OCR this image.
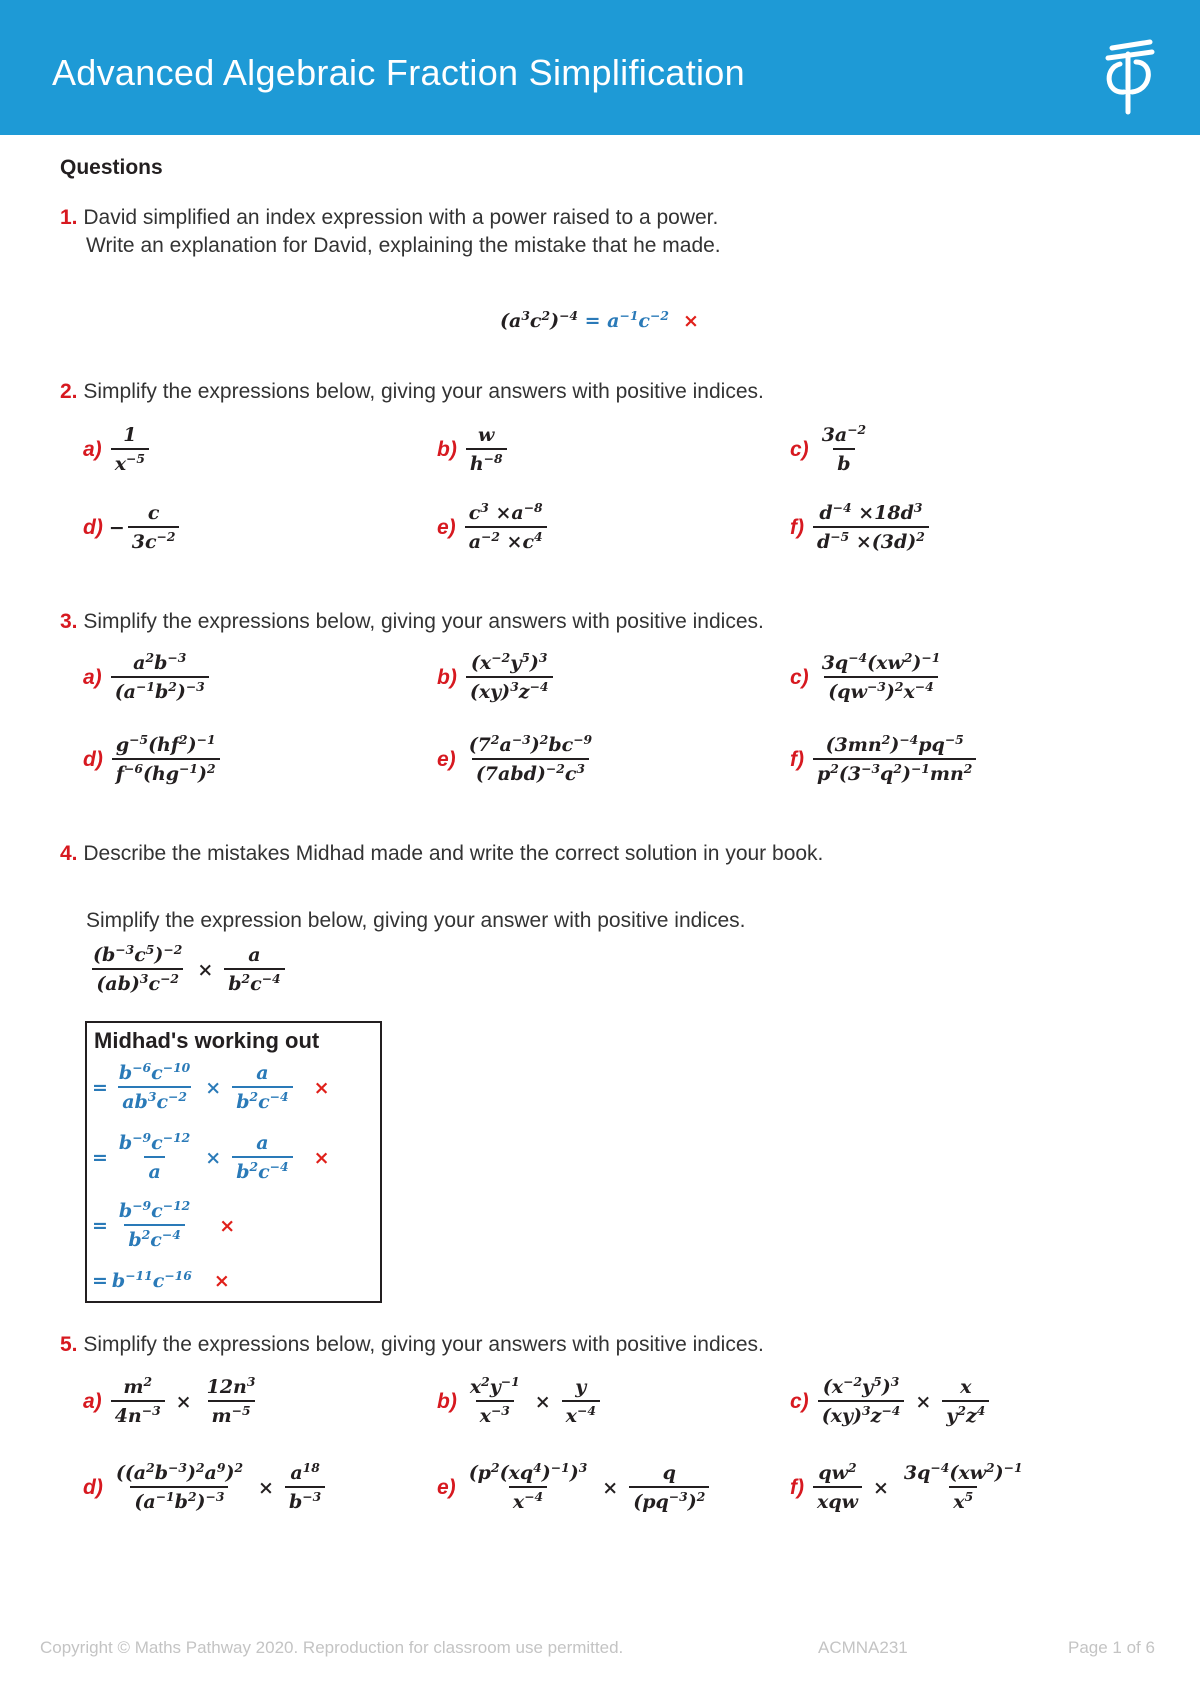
Advanced Algebraic Fraction Simplification
Questions
1. David simplified an index expression with a power raised to a power.
Write an explanation for David, explaining the mistake that he made.
$(a^3c^2)^{-4} = a^{-1}c^{-2}$ ×
2. Simplify the expressions below, giving your answers with positive indices.
$a) \frac{1}{x^{-5}}$	$b) \frac{w}{h^{-8}}$	$c) \frac{3a^{-2}}{b}$
$d) - \frac{c}{3c^{-2}}$	$e) \frac{c^3 \times a^{-8}}{a^{-2} \times c^4}$	$f) \frac{d^{-4} \times 18d^3}{d^{-5} \times(3d)^2}$
3. Simplify the expressions below, giving your answers with positive indices.
$a) \frac{a^2b^{-3}}{(a^{-1}b^2)^{-3}}$	$b) \frac{(x^{-2}y^5)^3}{(xy)^3z^{-4}}$	$c) \frac{3q^{-4}(xw^2)^{-1}}{(qw^{-3})^2x^{-4}}$
$d) \frac{g^{-5}(hf^2)^{-1}}{f^{-6}(hg^{-1})^2}$	$e) \frac{(7^2a^{-3})^2bc^{-9}}{(7abd)^{-2}c^3}$	$f) \frac{(3mn^2)^{-4}pq^{-5}}{p^2(3^{-3}q^2)^{-1}mn^2}$
4. Describe the mistakes Midhad made and write the correct solution in your book.
Simplify the expression below, giving your answer with positive indices.
$\frac{(b^{-3}c^5)^{-2}}{(ab)^3c^{-2}} \times \frac{a}{b^2c^{-4}}$
Midhad's working out
= $\frac{b^{-6}c^{-10}}{ab^3c^{-2}} \times \frac{a}{b^2c^{-4}}$ ×
= $\frac{b^{-9}c^{-12}}{a} \times \frac{a}{b^2c^{-4}}$ ×
= $\frac{b^{-9}c^{-12}}{b^2c^{-4}}$ ×
= $b^{-11}c^{-16}$ ×
5. Simplify the expressions below, giving your answers with positive indices.
$a) \frac{m^2}{4n^{-3}} \times \frac{12n^3}{m^{-5}}$	$b) \frac{x^2y^{-1}}{x^{-3}} \times \frac{y}{x^{-4}}$	$c) \frac{(x^{-2}y^5)^3}{(xy)^3z^{-4}} \times \frac{x}{y^2z^4}$
$d) \frac{((a^2b^{-3})^2a^9)^2}{(a^{-1}b^2)^{-3}} \times \frac{a^{18}}{b^{-3}}$	$e) \frac{(p^2(xq^4)^{-1})^3}{x^{-4}} \times \frac{q}{(pq^{-3})^2}$	$f) \frac{qw^2}{\text{xqw}} \times \frac{3q^{-4}(xw^2)^{-1}}{x^5}$
Copyright © Maths Pathway 2020. Reproduction for classroom use permitted.	ACMNA231	Page 1 of 6
